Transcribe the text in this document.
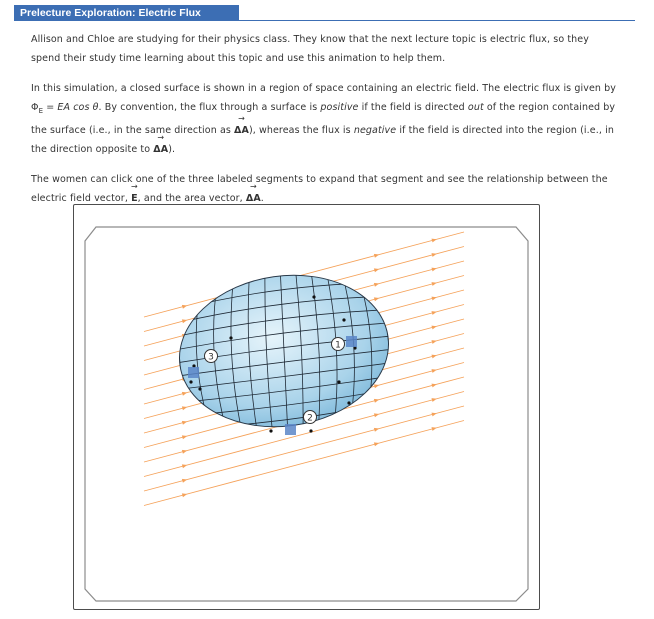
Prelecture Exploration: Electric Flux

Allison and Chloe are studying for their physics class. They know that the next lecture topic is electric flux, so they spend their study time learning about this topic and use this animation to help them.

In this simulation, a closed surface is shown in a region of space containing an electric field. The electric flux is given by $\Phi_E$ = EA cos θ. By convention, the flux through a surface is positive if the field is directed out of the region contained by the surface (i.e., in the same direction as → ΔA), whereas the flux is negative if the field is directed into the region (i.e., in the direction opposite to → ΔA).

The women can click one of the three labeled segments to expand that segment and see the relationship between the electric field vector, → E, and the area vector, → ΔA.

1
2
3
